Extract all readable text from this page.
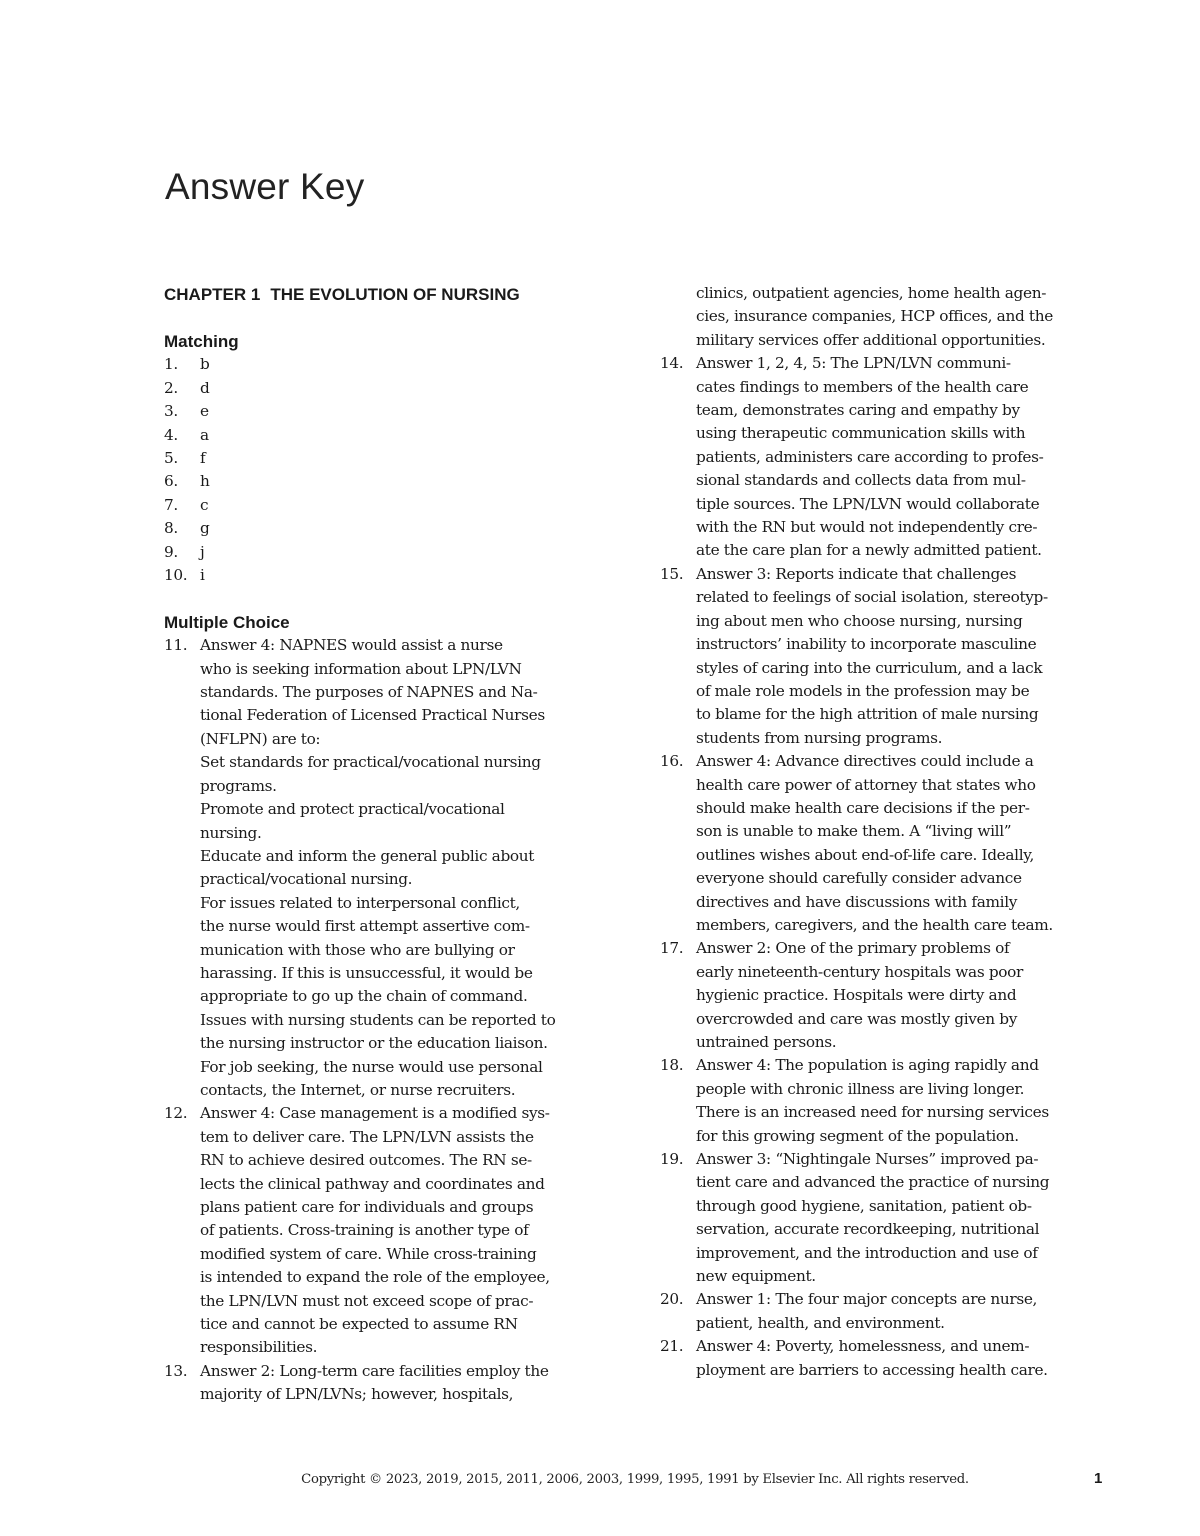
Answer Key
CHAPTER 1 THE EVOLUTION OF NURSING
Matching
1. b
2. d
3. e
4. a
5. f
6. h
7. c
8. g
9. j
10. i
Multiple Choice
11. Answer 4: NAPNES would assist a nurse
who is seeking information about LPN/LVN
standards. The purposes of NAPNES and Na-
tional Federation of Licensed Practical Nurses
(NFLPN) are to:
Set standards for practical/vocational nursing
programs.
Promote and protect practical/vocational
nursing.
Educate and inform the general public about
practical/vocational nursing.
For issues related to interpersonal conflict,
the nurse would first attempt assertive com-
munication with those who are bullying or
harassing. If this is unsuccessful, it would be
appropriate to go up the chain of command.
Issues with nursing students can be reported to
the nursing instructor or the education liaison.
For job seeking, the nurse would use personal
contacts, the Internet, or nurse recruiters.
12. Answer 4: Case management is a modified sys-
tem to deliver care. The LPN/LVN assists the
RN to achieve desired outcomes. The RN se-
lects the clinical pathway and coordinates and
plans patient care for individuals and groups
of patients. Cross-training is another type of
modified system of care. While cross-training
is intended to expand the role of the employee,
the LPN/LVN must not exceed scope of prac-
tice and cannot be expected to assume RN
responsibilities.
13. Answer 2: Long-term care facilities employ the
majority of LPN/LVNs; however, hospitals,
clinics, outpatient agencies, home health agen-
cies, insurance companies, HCP offices, and the
military services offer additional opportunities.
14. Answer 1, 2, 4, 5: The LPN/LVN communi-
cates findings to members of the health care
team, demonstrates caring and empathy by
using therapeutic communication skills with
patients, administers care according to profes-
sional standards and collects data from mul-
tiple sources. The LPN/LVN would collaborate
with the RN but would not independently cre-
ate the care plan for a newly admitted patient.
15. Answer 3: Reports indicate that challenges
related to feelings of social isolation, stereotyp-
ing about men who choose nursing, nursing
instructors’ inability to incorporate masculine
styles of caring into the curriculum, and a lack
of male role models in the profession may be
to blame for the high attrition of male nursing
students from nursing programs.
16. Answer 4: Advance directives could include a
health care power of attorney that states who
should make health care decisions if the per-
son is unable to make them. A “living will”
outlines wishes about end-of-life care. Ideally,
everyone should carefully consider advance
directives and have discussions with family
members, caregivers, and the health care team.
17. Answer 2: One of the primary problems of
early nineteenth-century hospitals was poor
hygienic practice. Hospitals were dirty and
overcrowded and care was mostly given by
untrained persons.
18. Answer 4: The population is aging rapidly and
people with chronic illness are living longer.
There is an increased need for nursing services
for this growing segment of the population.
19. Answer 3: “Nightingale Nurses” improved pa-
tient care and advanced the practice of nursing
through good hygiene, sanitation, patient ob-
servation, accurate recordkeeping, nutritional
improvement, and the introduction and use of
new equipment.
20. Answer 1: The four major concepts are nurse,
patient, health, and environment.
21. Answer 4: Poverty, homelessness, and unem-
ployment are barriers to accessing health care.
Copyright © 2023, 2019, 2015, 2011, 2006, 2003, 1999, 1995, 1991 by Elsevier Inc. All rights reserved.	1
